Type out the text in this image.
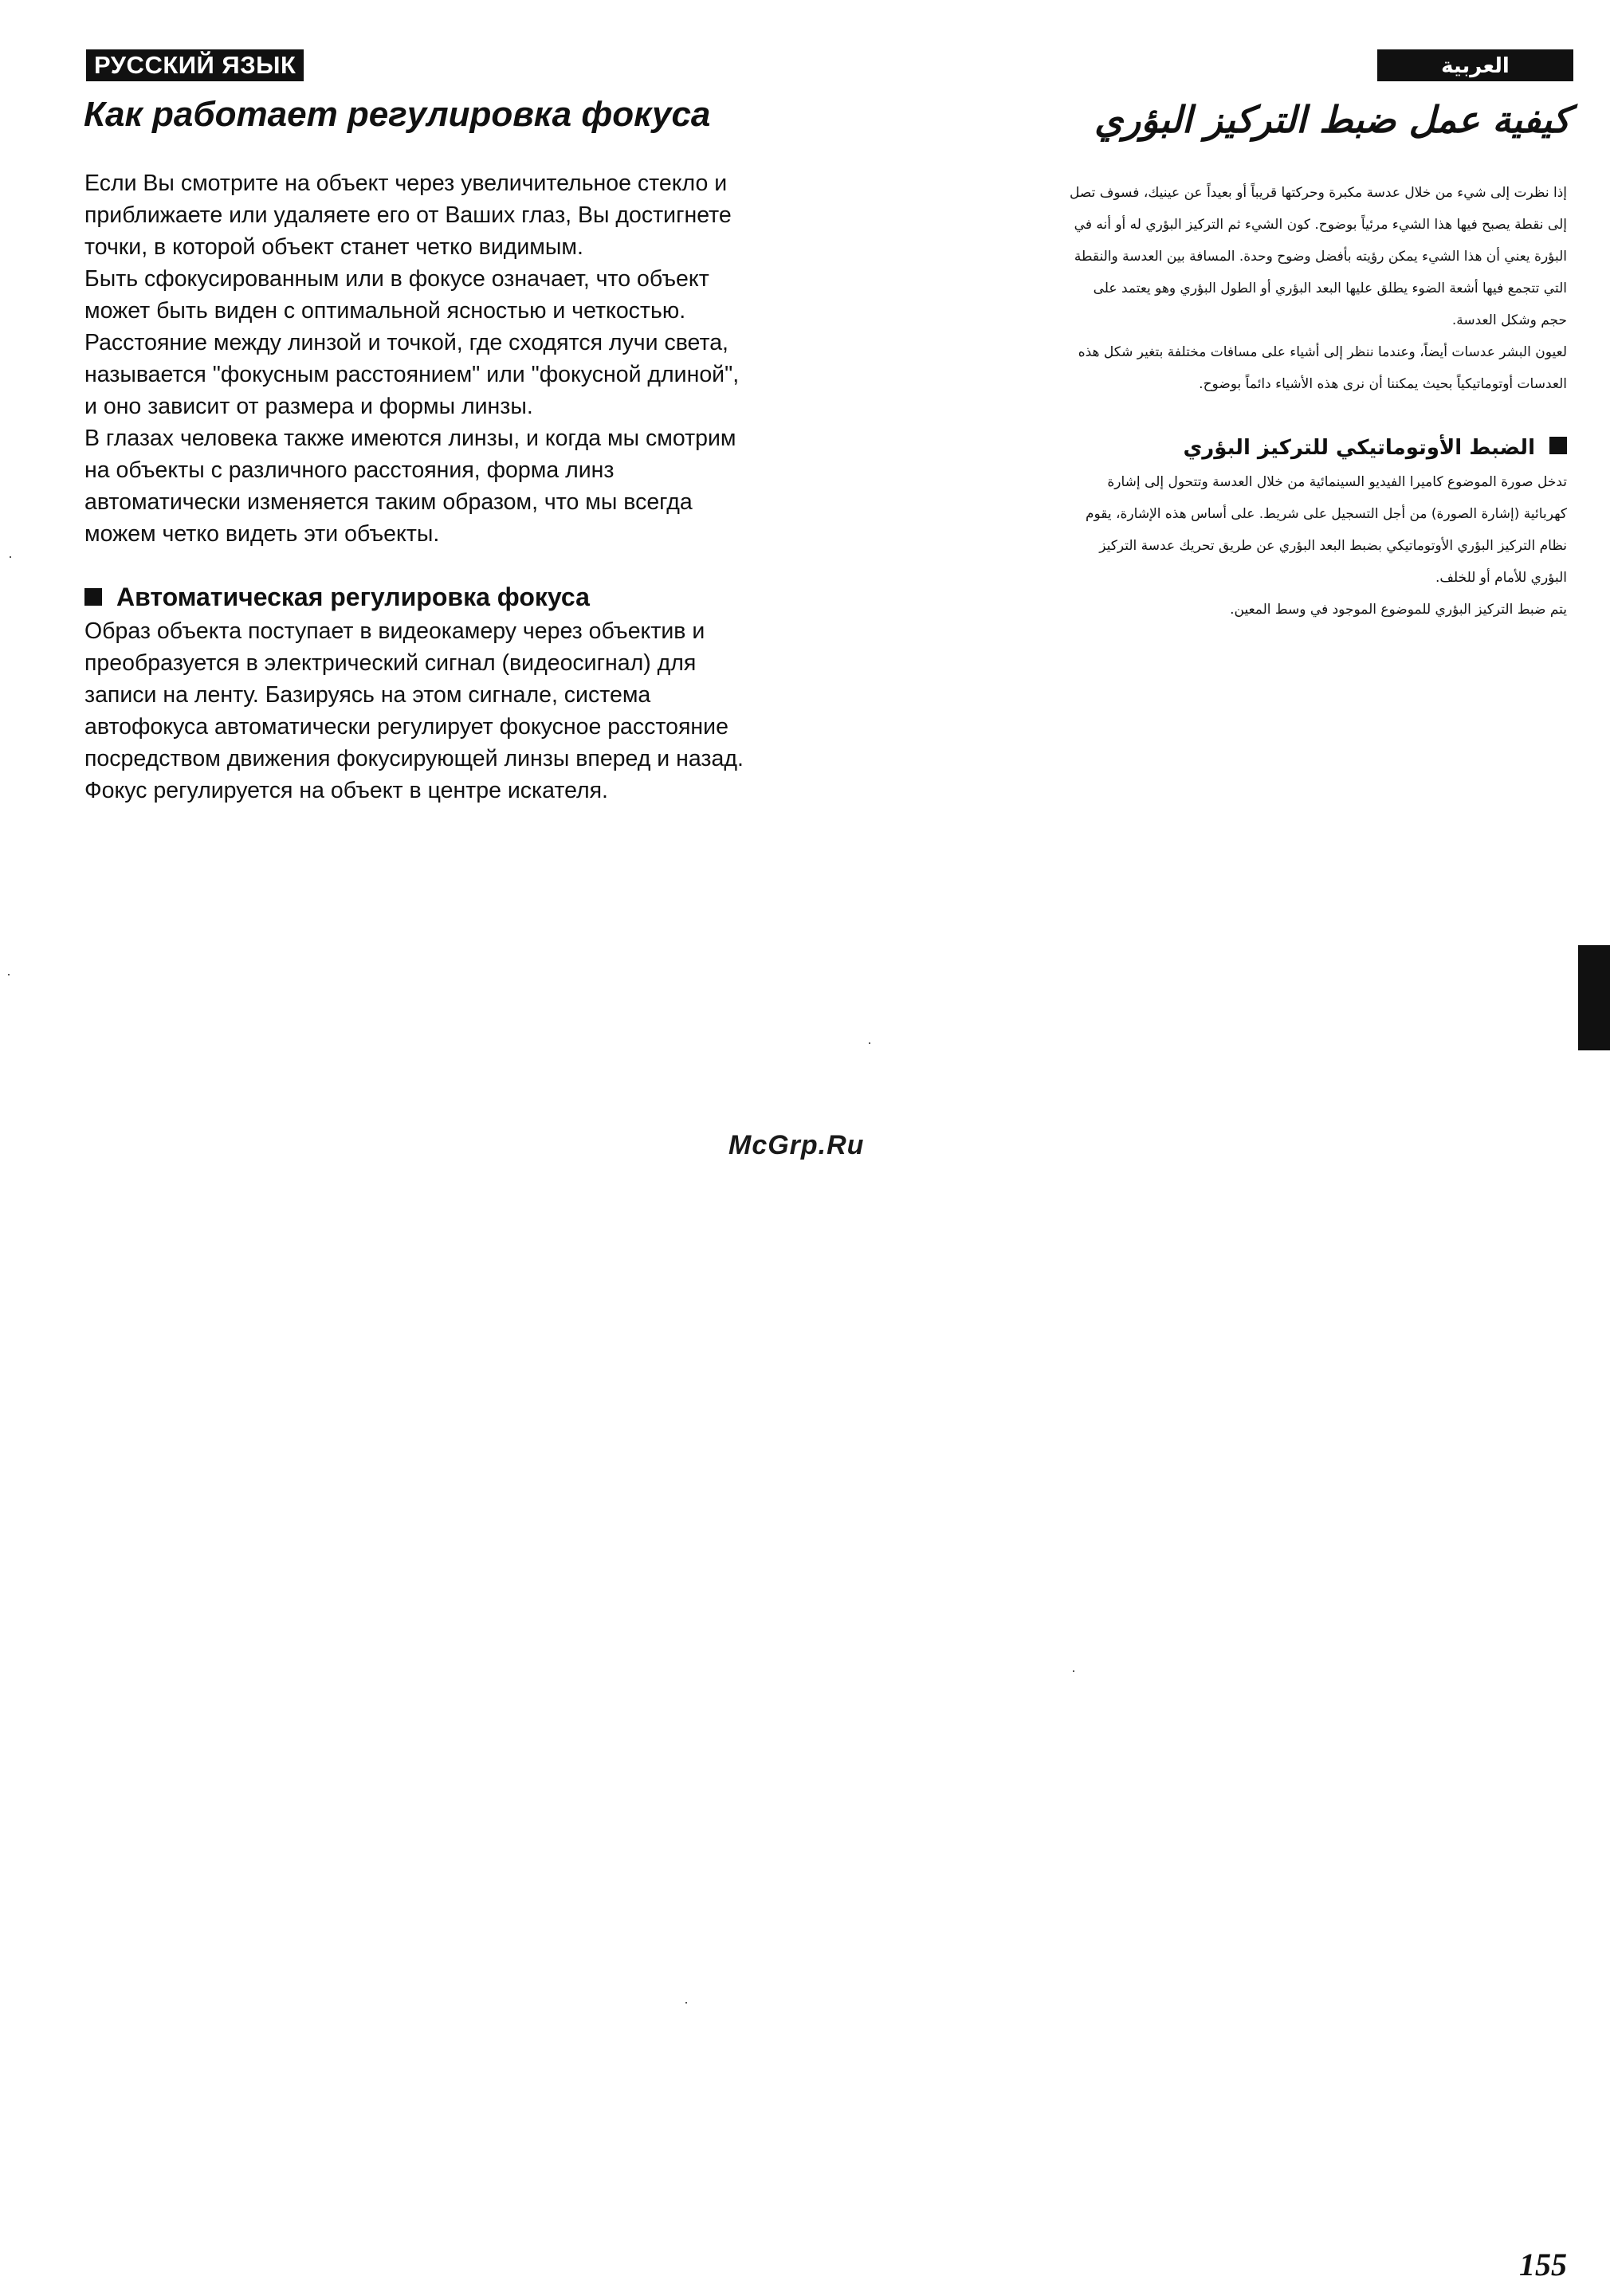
РУССКИЙ ЯЗЫК	العربية
Как работает регулировка фокуса	كيفية عمل ضبط التركيز البؤري

Если Вы смотрите на объект через увеличительное стекло и

приближаете или удаляете его от Ваших глаз, Вы достигнете

точки, в которой объект станет четко видимым.

Быть сфокусированным или в фокусе означает, что объект

может быть виден с оптимальной ясностью и четкостью.

Расстояние между линзой и точкой, где сходятся лучи света,

называется "фокусным расстоянием" или "фокусной длиной",

и оно зависит от размера и формы линзы.

В глазах человека также имеются линзы, и когда мы смотрим

на объекты с различного расстояния, форма линз

автоматически изменяется таким образом, что мы всегда

можем четко видеть эти объекты.

Автоматическая регулировка фокуса

Образ объекта поступает в видеокамеру через объектив и

преобразуется в электрический сигнал (видеосигнал) для

записи на ленту. Базируясь на этом сигнале, система

автофокуса автоматически регулирует фокусное расстояние

посредством движения фокусирующей линзы вперед и назад.

Фокус регулируется на объект в центре искателя.

إذا نظرت إلى شيء من خلال عدسة مكبرة وحركتها قريباً أو بعيداً عن عينيك، فسوف تصل

إلى نقطة يصبح فيها هذا الشيء مرئياً بوضوح. كون الشيء ثم التركيز البؤري له أو أنه في

البؤرة يعني أن هذا الشيء يمكن رؤيته بأفضل وضوح وحدة. المسافة بين العدسة والنقطة

التي تتجمع فيها أشعة الضوء يطلق عليها البعد البؤري أو الطول البؤري وهو يعتمد على

حجم وشكل العدسة.

لعيون البشر عدسات أيضاً، وعندما ننظر إلى أشياء على مسافات مختلفة بتغير شكل هذه

العدسات أوتوماتيكياً بحيث يمكننا أن نرى هذه الأشياء دائماً بوضوح.

الضبط الأوتوماتيكي للتركيز البؤري

تدخل صورة الموضوع كاميرا الفيديو السينمائية من خلال العدسة وتتحول إلى إشارة

كهربائية (إشارة الصورة) من أجل التسجيل على شريط. على أساس هذه الإشارة، يقوم

نظام التركيز البؤري الأوتوماتيكي بضبط البعد البؤري عن طريق تحريك عدسة التركيز

البؤري للأمام أو للخلف.

يتم ضبط التركيز البؤري للموضوع الموجود في وسط المعين.

McGrp.Ru

155
